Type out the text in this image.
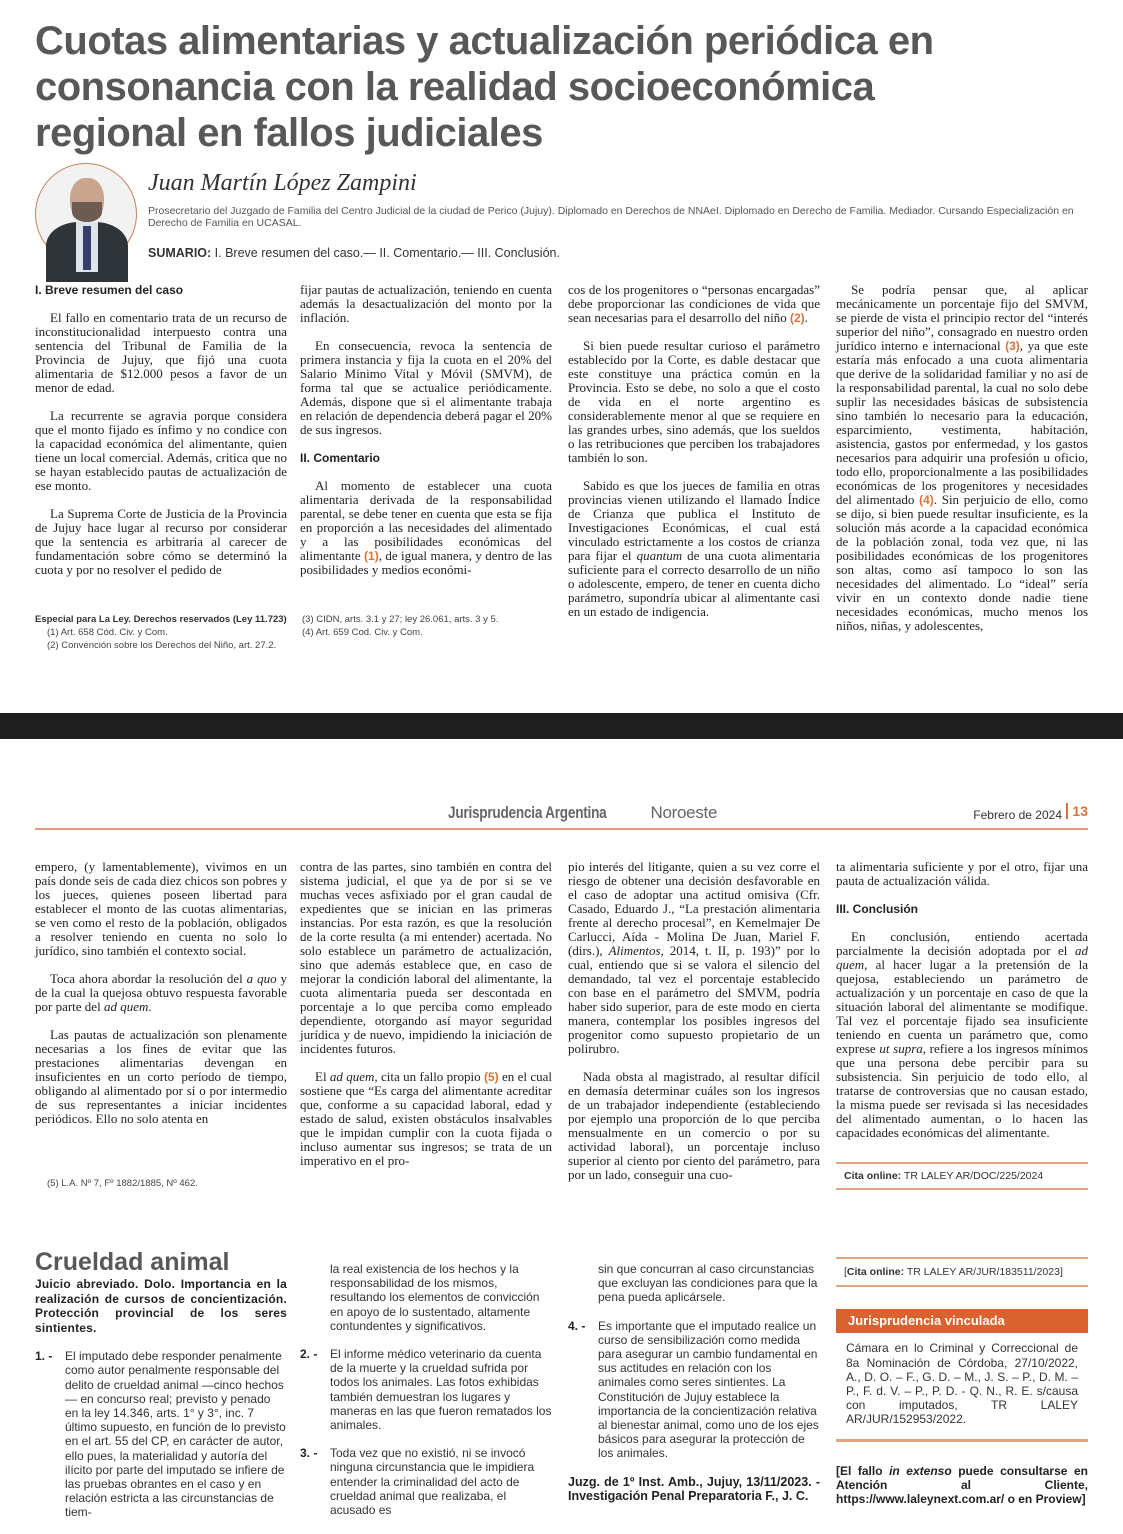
Cuotas alimentarias y actualización periódica en consonancia con la realidad socioeconómica regional en fallos judiciales
Juan Martín López Zampini
Prosecretario del Juzgado de Familia del Centro Judicial de la ciudad de Perico (Jujuy). Diplomado en Derechos de NNAeI. Diplomado en Derecho de Familia. Mediador. Cursando Especialización en Derecho de Familia en UCASAL.
SUMARIO: I. Breve resumen del caso.— II. Comentario.— III. Conclusión.
I. Breve resumen del caso

El fallo en comentario trata de un recurso de inconstitucionalidad interpuesto contra una sentencia del Tribunal de Familia de la Provincia de Jujuy, que fijó una cuota alimentaria de $12.000 pesos a favor de un menor de edad.

La recurrente se agravia porque considera que el monto fijado es ínfimo y no condice con la capacidad económica del alimentante, quien tiene un local comercial. Además, critica que no se hayan establecido pautas de actualización de ese monto.

La Suprema Corte de Justicia de la Provincia de Jujuy hace lugar al recurso por considerar que la sentencia es arbitraria al carecer de fundamentación sobre cómo se determinó la cuota y por no resolver el pedido de

fijar pautas de actualización, teniendo en cuenta además la desactualización del monto por la inflación.

En consecuencia, revoca la sentencia de primera instancia y fija la cuota en el 20% del Salario Mínimo Vital y Móvil (SMVM), de forma tal que se actualice periódicamente. Además, dispone que si el alimentante trabaja en relación de dependencia deberá pagar el 20% de sus ingresos.

II. Comentario

Al momento de establecer una cuota alimentaria derivada de la responsabilidad parental, se debe tener en cuenta que esta se fija en proporción a las necesidades del alimentado y a las posibilidades económicas del alimentante (1), de igual manera, y dentro de las posibilidades y medios económi-

cos de los progenitores o “personas encargadas” debe proporcionar las condiciones de vida que sean necesarias para el desarrollo del niño (2).

Si bien puede resultar curioso el parámetro establecido por la Corte, es dable destacar que este constituye una práctica común en la Provincia. Esto se debe, no solo a que el costo de vida en el norte argentino es considerablemente menor al que se requiere en las grandes urbes, sino además, que los sueldos o las retribuciones que perciben los trabajadores también lo son.

Sabido es que los jueces de familia en otras provincias vienen utilizando el llamado Índice de Crianza que publica el Instituto de Investigaciones Económicas, el cual está vinculado estrictamente a los costos de crianza para fijar el quantum de una cuota alimentaria suficiente para el correcto desarrollo de un niño o adolescente, empero, de tener en cuenta dicho parámetro, supondría ubicar al alimentante casi en un estado de indigencia.

Se podría pensar que, al aplicar mecánicamente un porcentaje fijo del SMVM, se pierde de vista el principio rector del “interés superior del niño”, consagrado en nuestro orden jurídico interno e internacional (3), ya que este estaría más enfocado a una cuota alimentaria que derive de la solidaridad familiar y no así de la responsabilidad parental, la cual no solo debe suplir las necesidades básicas de subsistencia sino también lo necesario para la educación, esparcimiento, vestimenta, habitación, asistencia, gastos por enfermedad, y los gastos necesarios para adquirir una profesión u oficio, todo ello, proporcionalmente a las posibilidades económicas de los progenitores y necesidades del alimentado (4). Sin perjuicio de ello, como se dijo, si bien puede resultar insuficiente, es la solución más acorde a la capacidad económica de la población zonal, toda vez que, ni las posibilidades económicas de los progenitores son altas, como así tampoco lo son las necesidades del alimentado. Lo “ideal” sería vivir en un contexto donde nadie tiene necesidades económicas, mucho menos los niños, niñas, y adolescentes,

Especial para La Ley. Derechos reservados (Ley 11.723)
(1) Art. 658 Cód. Civ. y Com.
(2) Convención sobre los Derechos del Niño, art. 27.2.
(3) CIDN, arts. 3.1 y 27; ley 26.061, arts. 3 y 5.
(4) Art. 659 Cod. Civ. y Com.
Jurisprudencia Argentina Noroeste	Febrero de 2024 13

empero, (y lamentablemente), vivimos en un país donde seis de cada diez chicos son pobres y los jueces, quienes poseen libertad para establecer el monto de las cuotas alimentarias, se ven como el resto de la población, obligados a resolver teniendo en cuenta no solo lo jurídico, sino también el contexto social.

Toca ahora abordar la resolución del a quo y de la cual la quejosa obtuvo respuesta favorable por parte del ad quem.

Las pautas de actualización son plenamente necesarias a los fines de evitar que las prestaciones alimentarias devengan en insuficientes en un corto período de tiempo, obligando al alimentado por sí o por intermedio de sus representantes a iniciar incidentes periódicos. Ello no solo atenta en

contra de las partes, sino también en contra del sistema judicial, el que ya de por si se ve muchas veces asfixiado por el gran caudal de expedientes que se inician en las primeras instancias. Por esta razón, es que la resolución de la corte resulta (a mi entender) acertada. No solo establece un parámetro de actualización, sino que además establece que, en caso de mejorar la condición laboral del alimentante, la cuota alimentaria pueda ser descontada en porcentaje a lo que perciba como empleado dependiente, otorgando así mayor seguridad jurídica y de nuevo, impidiendo la iniciación de incidentes futuros.

El ad quem, cita un fallo propio (5) en el cual sostiene que “Es carga del alimentante acreditar que, conforme a su capacidad laboral, edad y estado de salud, existen obstáculos insalvables que le impidan cumplir con la cuota fijada o incluso aumentar sus ingresos; se trata de un imperativo en el pro-

pio interés del litigante, quien a su vez corre el riesgo de obtener una decisión desfavorable en el caso de adoptar una actitud omisiva (Cfr. Casado, Eduardo J., “La prestación alimentaria frente al derecho procesal”, en Kemelmajer De Carlucci, Aída - Molina De Juan, Mariel F. (dirs.), Alimentos, 2014, t. II, p. 193)” por lo cual, entiendo que si se valora el silencio del demandado, tal vez el porcentaje establecido con base en el parámetro del SMVM, podría haber sido superior, para de este modo en cierta manera, contemplar los posibles ingresos del progenitor como supuesto propietario de un polirubro.

Nada obsta al magistrado, al resultar difícil en demasía determinar cuáles son los ingresos de un trabajador independiente (estableciendo por ejemplo una proporción de lo que perciba mensualmente en un comercio o por su actividad laboral), un porcentaje incluso superior al ciento por ciento del parámetro, para por un lado, conseguir una cuo-

ta alimentaria suficiente y por el otro, fijar una pauta de actualización válida.

III. Conclusión

En conclusión, entiendo acertada parcialmente la decisión adoptada por el ad quem, al hacer lugar a la pretensión de la quejosa, estableciendo un parámetro de actualización y un porcentaje en caso de que la situación laboral del alimentante se modifique. Tal vez el porcentaje fijado sea insuficiente teniendo en cuenta un parámetro que, como exprese ut supra, refiere a los ingresos mínimos que una persona debe percibir para su subsistencia. Sin perjuicio de todo ello, al tratarse de controversias que no causan estado, la misma puede ser revisada si las necesidades del alimentado aumentan, o lo hacen las capacidades económicas del alimentante.

(5) L.A. Nº 7, Fº 1882/1885, Nº 462.
Cita online: TR LALEY AR/DOC/225/2024
Crueldad animal
Juicio abreviado. Dolo. Importancia en la realización de cursos de concientización. Protección provincial de los seres sintientes.
1. -	El imputado debe responder penalmente como autor penalmente responsable del delito de crueldad animal —cinco hechos— en concurso real; previsto y penado en la ley 14.346, arts. 1° y 3°, inc. 7 último supuesto, en función de lo previsto en el art. 55 del CP, en carácter de autor, ello pues, la materialidad y autoría del ilícito por parte del imputado se infiere de las pruebas obrantes en el caso y en relación estricta a las circunstancias de tiem-
la real existencia de los hechos y la responsabilidad de los mismos, resultando los elementos de convicción en apoyo de lo sustentado, altamente contundentes y significativos.
2. -	El informe médico veterinario da cuenta de la muerte y la crueldad sufrida por todos los animales. Las fotos exhibidas también demuestran los lugares y maneras en las que fueron rematados los animales.
3. -	Toda vez que no existió, ni se invocó ninguna circunstancia que le impidiera entender la criminalidad del acto de crueldad animal que realizaba, el acusado es
sin que concurran al caso circunstancias que excluyan las condiciones para que la pena pueda aplicársele.
4. -	Es importante que el imputado realice un curso de sensibilización como medida para asegurar un cambio fundamental en sus actitudes en relación con los animales como seres sintientes. La Constitución de Jujuy establece la importancia de la concientización relativa al bienestar animal, como uno de los ejes básicos para asegurar la protección de los animales.
Juzg. de 1º Inst. Amb., Jujuy, 13/11/2023. - Investigación Penal Preparatoria F., J. C.
[Cita online: TR LALEY AR/JUR/183511/2023]
Jurisprudencia vinculada
Cámara en lo Criminal y Correccional de 8a Nominación de Córdoba, 27/10/2022, A., D. O. – F., G. D. – M., J. S. – P., D. M. – P., F. d. V. – P., P. D. - Q. N., R. E. s/causa con imputados, TR LALEY AR/JUR/152953/2022.
[El fallo in extenso puede consultarse en Atención al Cliente, https://www.laleynext.com.ar/ o en Proview]
